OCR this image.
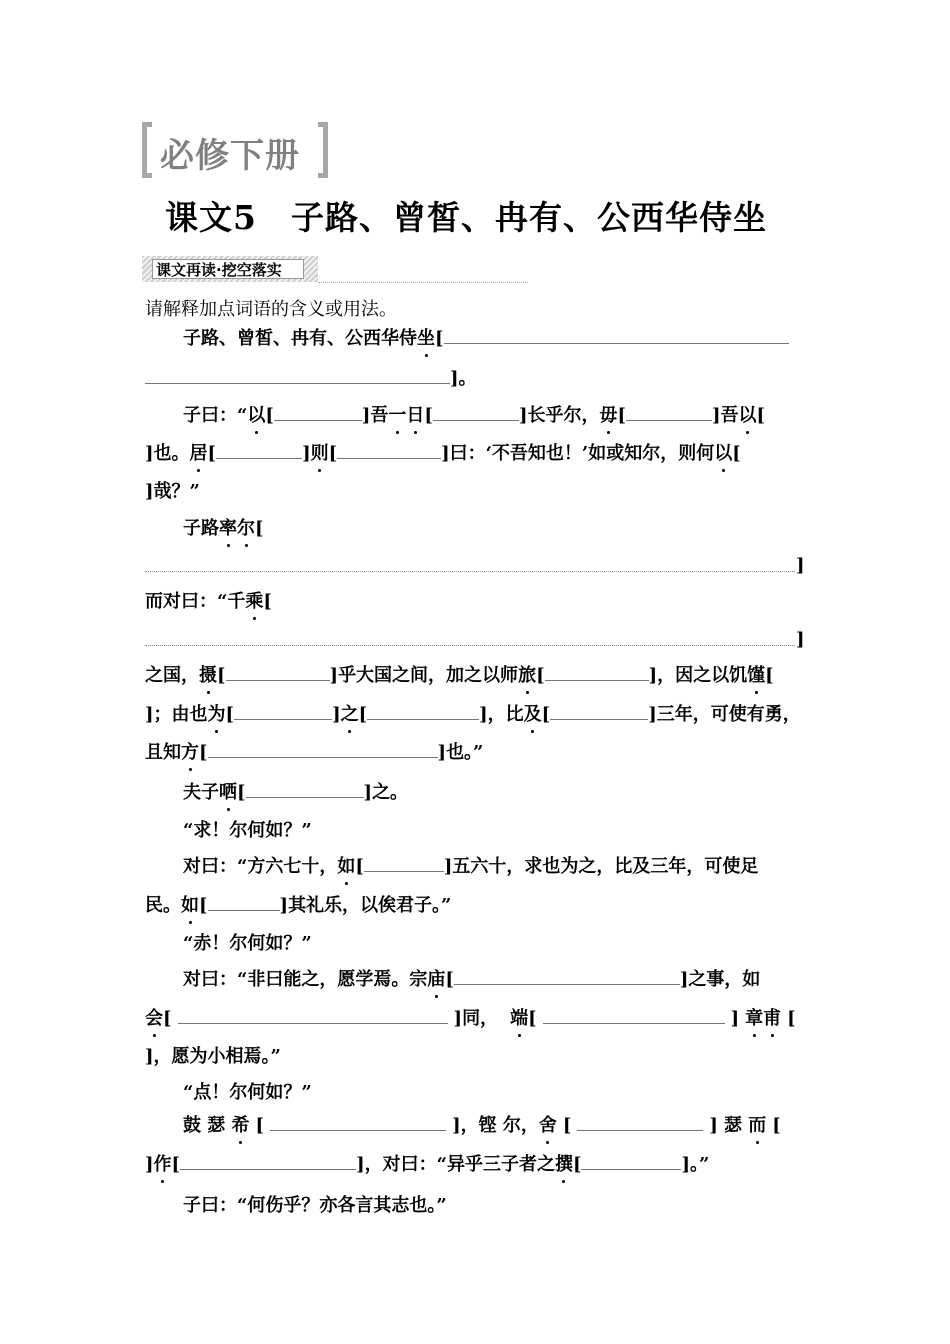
必修下册
课文5　子路、曾皙、冉有、公西华侍坐
课文再读·挖空落实
请解释加点词语的含义或用法。
子路、曾皙、冉有、公西华侍坐[
]。
子曰：“以[	]吾一日[	]长乎尔，毋[	]吾以[
]也。居[	]则[	]曰：‘不吾知也！’如或知尔，则何以[
]哉？”
子路率尔[
]
而对曰：“千乘[
]
之国，摄[	]乎大国之间，加之以师旅[	]，因之以饥馑[
]；由也为[	]之[	]，比及[	]三年，可使有勇，
且知方[	]也。”
夫子哂[	]之。
“求！尔何如？”
对曰：“方六七十，如[	]五六十，求也为之，比及三年，可使足
民。如[	]其礼乐，以俟君子。”
“赤！尔何如？”
对曰：“非曰能之，愿学焉。宗庙[	]之事，如
会[	]同， 端[	] 章甫 [
]，愿为小相焉。”
“点！尔何如？”
鼓 瑟 希 [	]，铿 尔，舍 [	] 瑟 而 [
]作[	]，对曰：“异乎三子者之撰[	]。”
子曰：“何伤乎？亦各言其志也。”
